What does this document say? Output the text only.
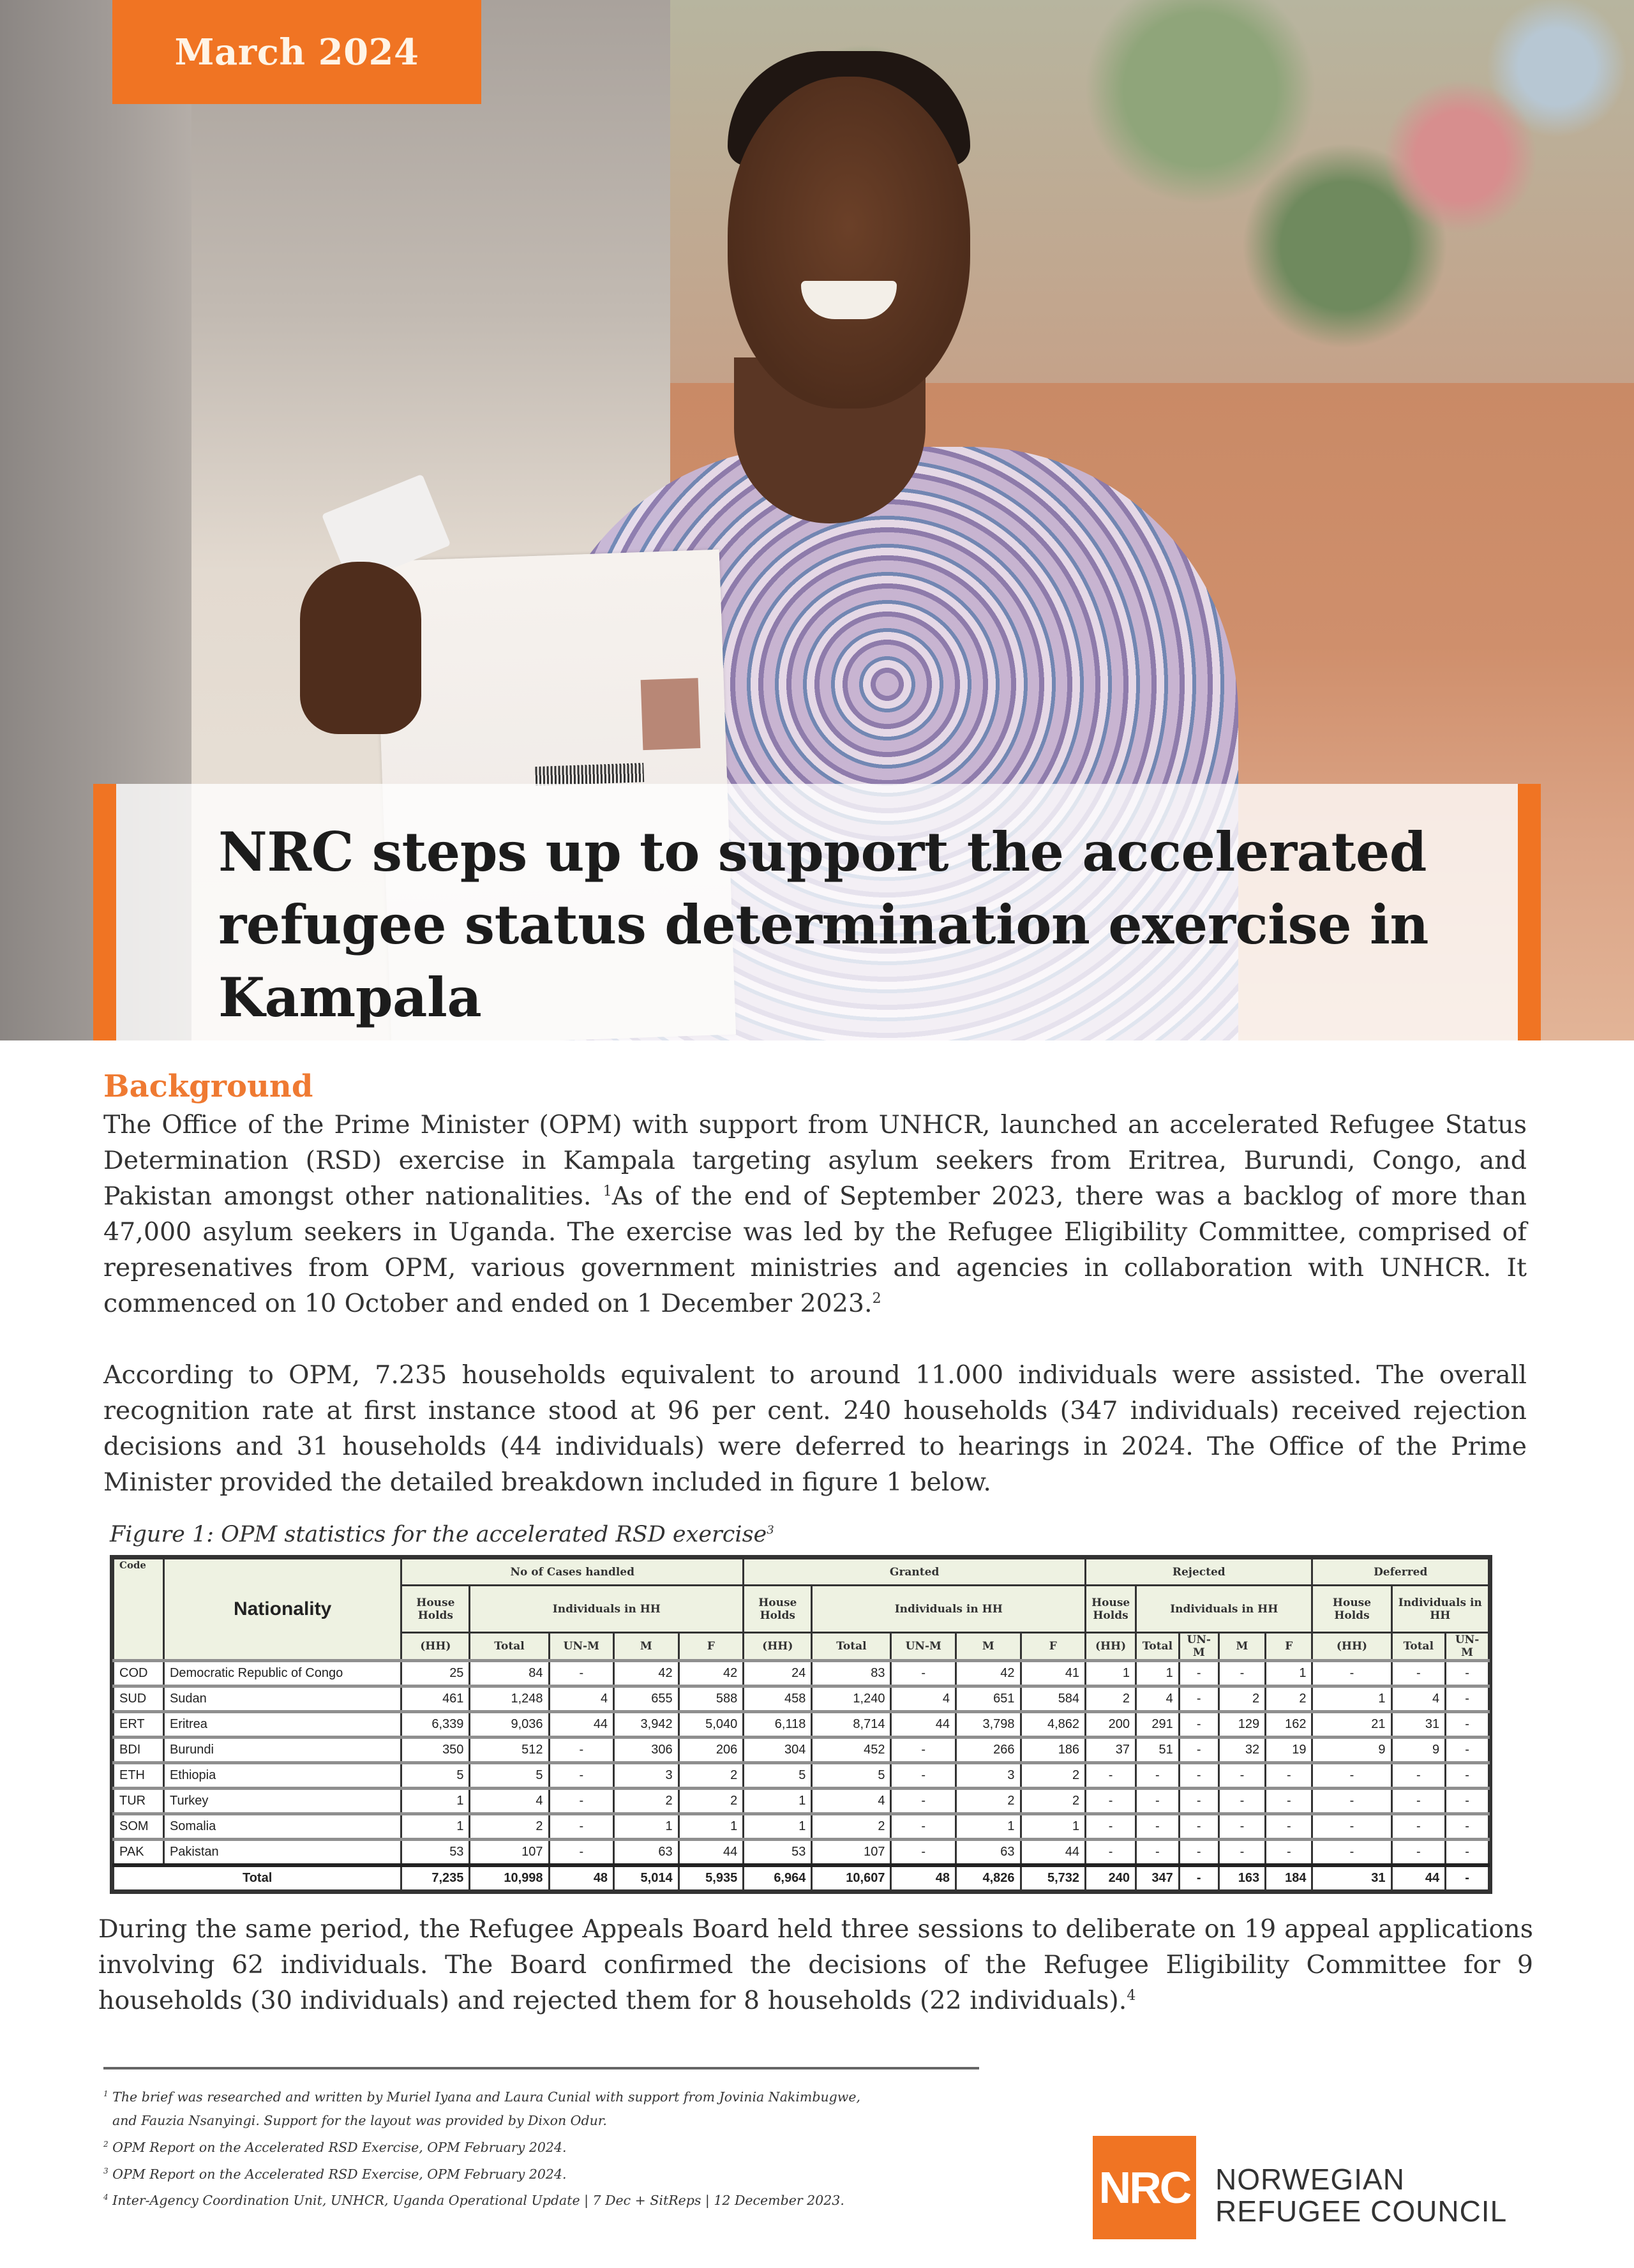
March 2024
NRC steps up to support the accelerated refugee status determination exercise in Kampala
Background

The Office of the Prime Minister (OPM) with support from UNHCR, launched an accelerated Refugee Status Determination (RSD) exercise in Kampala targeting asylum seekers from Eritrea, Burundi, Congo, and Pakistan amongst other nationalities. $^1$As of the end of September 2023, there was a backlog of more than 47,000 asylum seekers in Uganda. The exercise was led by the Refugee Eligibility Committee, comprised of represenatives from OPM, various government ministries and agencies in collaboration with UNHCR. It commenced on 10 October and ended on 1 December 2023.$^2$

According to OPM, 7.235 households equivalent to around 11.000 individuals were assisted. The overall recognition rate at first instance stood at 96 per cent. 240 households (347 individuals) received rejection decisions and 31 households (44 individuals) were deferred to hearings in 2024. The Office of the Prime Minister provided the detailed breakdown included in figure 1 below.

Figure 1: OPM statistics for the accelerated RSD exercise$^3$
Code	Nationality	No of Cases handled					Granted					Rejected					Deferred		
		House Holds	Individuals in HH				House Holds	Individuals in HH				House Holds	Individuals in HH				House Holds	Individuals in HH	
		(HH)	Total	UN-M	M	F	(HH)	Total	UN-M	M	F	(HH)	Total	UN-M	M	F	(HH)	Total	UN-M
COD	Democratic Republic of Congo	25	84	-	42	42	24	83	-	42	41	1	1	-	-	1	-	-	-
SUD	Sudan	461	1,248	4	655	588	458	1,240	4	651	584	2	4	-	2	2	1	4	-
ERT	Eritrea	6,339	9,036	44	3,942	5,040	6,118	8,714	44	3,798	4,862	200	291	-	129	162	21	31	-
BDI	Burundi	350	512	-	306	206	304	452	-	266	186	37	51	-	32	19	9	9	-
ETH	Ethiopia	5	5	-	3	2	5	5	-	3	2	-	-	-	-	-	-	-	-
TUR	Turkey	1	4	-	2	2	1	4	-	2	2	-	-	-	-	-	-	-	-
SOM	Somalia	1	2	-	1	1	1	2	-	1	1	-	-	-	-	-	-	-	-
PAK	Pakistan	53	107	-	63	44	53	107	-	63	44	-	-	-	-	-	-	-	-
Total		7,235	10,998	48	5,014	5,935	6,964	10,607	48	4,826	5,732	240	347	-	163	184	31	44	-

During the same period, the Refugee Appeals Board held three sessions to deliberate on 19 appeal applications involving 62 individuals. The Board confirmed the decisions of the Refugee Eligibility Committee for 9 households (30 individuals) and rejected them for 8 households (22 individuals).$^4$

$^1$ The brief was researched and written by Muriel Iyana and Laura Cunial with support from Jovinia Nakimbugwe,
and Fauzia Nsanyingi. Support for the layout was provided by Dixon Odur.
$^2$ OPM Report on the Accelerated RSD Exercise, OPM February 2024.
$^3$ OPM Report on the Accelerated RSD Exercise, OPM February 2024.
$^4$ Inter-Agency Coordination Unit, UNHCR, Uganda Operational Update | 7 Dec + SitReps | 12 December 2023.	NRC NORWEGIAN
REFUGEE COUNCIL
